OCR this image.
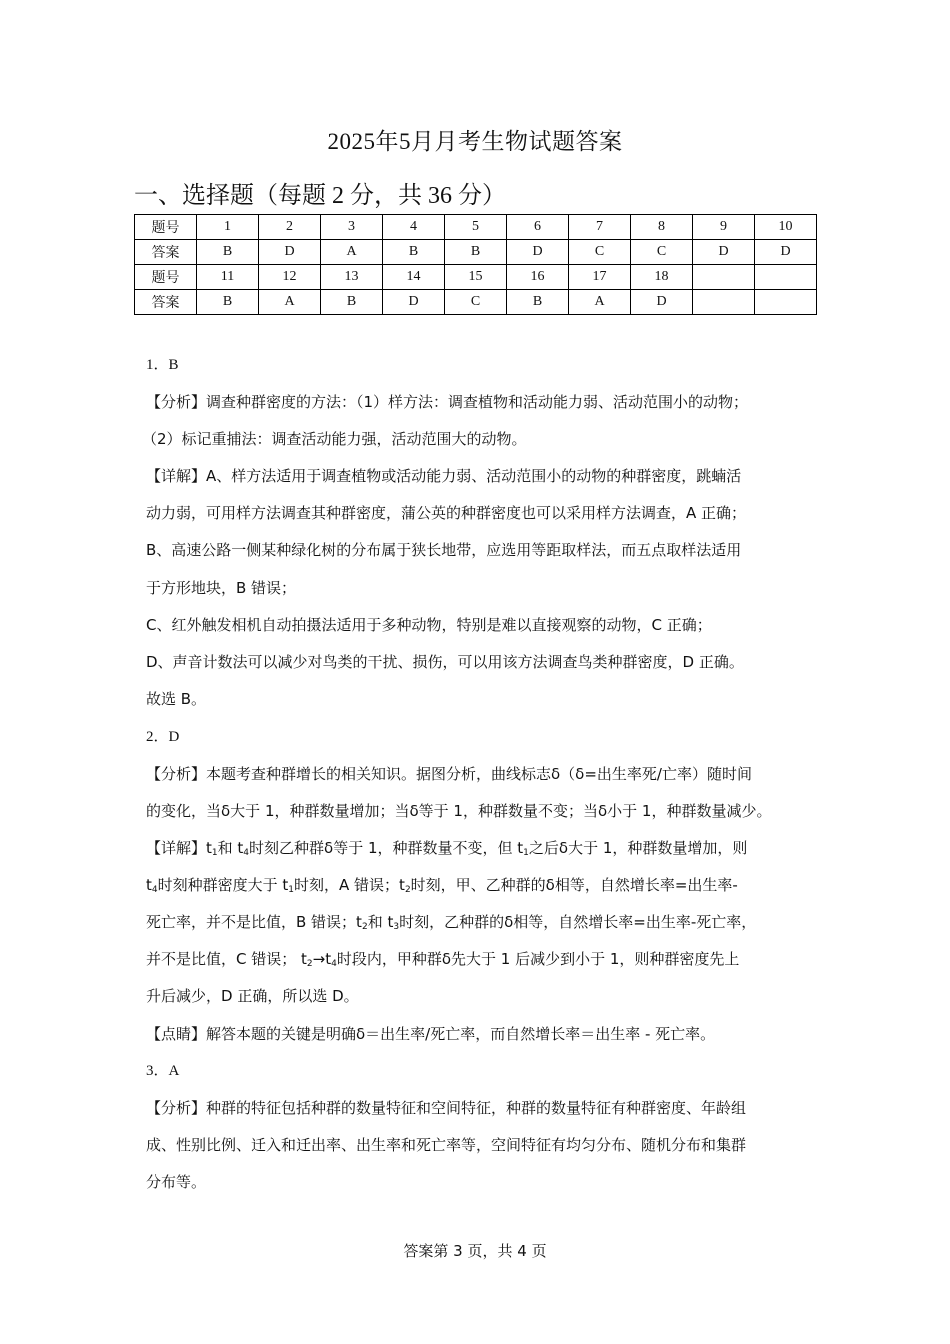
2025年5月月考生物试题答案
一、选择题（每题 2 分，共 36 分）
题号	1	2	3	4	5	6	7	8	9	10
答案	B	D	A	B	B	D	C	C	D	D
题号	11	12	13	14	15	16	17	18		
答案	B	A	B	D	C	B	A	D		
1．B
【分析】调查种群密度的方法：（1）样方法：调查植物和活动能力弱、活动范围小的动物；
（2）标记重捕法：调查活动能力强，活动范围大的动物。
【详解】A、样方法适用于调查植物或活动能力弱、活动范围小的动物的种群密度，跳蝻活
动力弱，可用样方法调查其种群密度，蒲公英的种群密度也可以采用样方法调查，A 正确；
B、高速公路一侧某种绿化树的分布属于狭长地带，应选用等距取样法，而五点取样法适用
于方形地块，B 错误；
C、红外触发相机自动拍摄法适用于多种动物，特别是难以直接观察的动物，C 正确；
D、声音计数法可以减少对鸟类的干扰、损伤，可以用该方法调查鸟类种群密度，D 正确。
故选 B。
2．D
【分析】本题考查种群增长的相关知识。据图分析，曲线标志δ（δ=出生率死/亡率）随时间
的变化，当δ大于 1，种群数量增加；当δ等于 1，种群数量不变；当δ小于 1，种群数量减少。
【详解】$t_1$和 $t_4$时刻乙种群δ等于 1，种群数量不变，但 $t_1$之后δ大于 1，种群数量增加，则
$t_4$时刻种群密度大于 $t_1$时刻，A 错误；$t_2$时刻，甲、乙种群的δ相等，自然增长率=出生率-
死亡率，并不是比值，B 错误；$t_2$和 $t_3$时刻，乙种群的δ相等，自然增长率=出生率-死亡率，
并不是比值，C 错误； $t_2\to t_4$时段内，甲种群δ先大于 1 后减少到小于 1，则种群密度先上
升后减少，D 正确，所以选 D。
【点睛】解答本题的关键是明确δ＝出生率/死亡率，而自然增长率＝出生率 - 死亡率。
3．A
【分析】种群的特征包括种群的数量特征和空间特征，种群的数量特征有种群密度、年龄组
成、性别比例、迁入和迁出率、出生率和死亡率等，空间特征有均匀分布、随机分布和集群
分布等。
答案第 3 页，共 4 页
